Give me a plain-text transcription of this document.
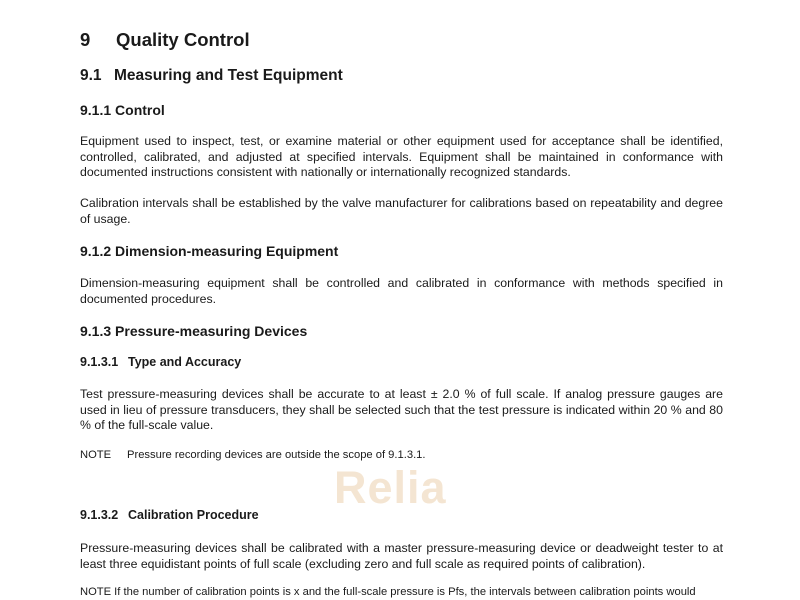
9 Quality Control
9.1 Measuring and Test Equipment
9.1.1 Control
Equipment used to inspect, test, or examine material or other equipment used for acceptance shall be identified, controlled, calibrated, and adjusted at specified intervals. Equipment shall be maintained in conformance with documented instructions consistent with nationally or internationally recognized standards.
Calibration intervals shall be established by the valve manufacturer for calibrations based on repeatability and degree of usage.
9.1.2 Dimension-measuring Equipment
Dimension-measuring equipment shall be controlled and calibrated in conformance with methods specified in documented procedures.
9.1.3 Pressure-measuring Devices
9.1.3.1 Type and Accuracy
Test pressure-measuring devices shall be accurate to at least ± 2.0 % of full scale. If analog pressure gauges are used in lieu of pressure transducers, they shall be selected such that the test pressure is indicated within 20 % and 80 % of the full-scale value.
NOTE Pressure recording devices are outside the scope of 9.1.3.1.
Relia
9.1.3.2 Calibration Procedure
Pressure-measuring devices shall be calibrated with a master pressure-measuring device or deadweight tester to at least three equidistant points of full scale (excluding zero and full scale as required points of calibration).
NOTE If the number of calibration points is x and the full-scale pressure is Pfs, the intervals between calibration points would
